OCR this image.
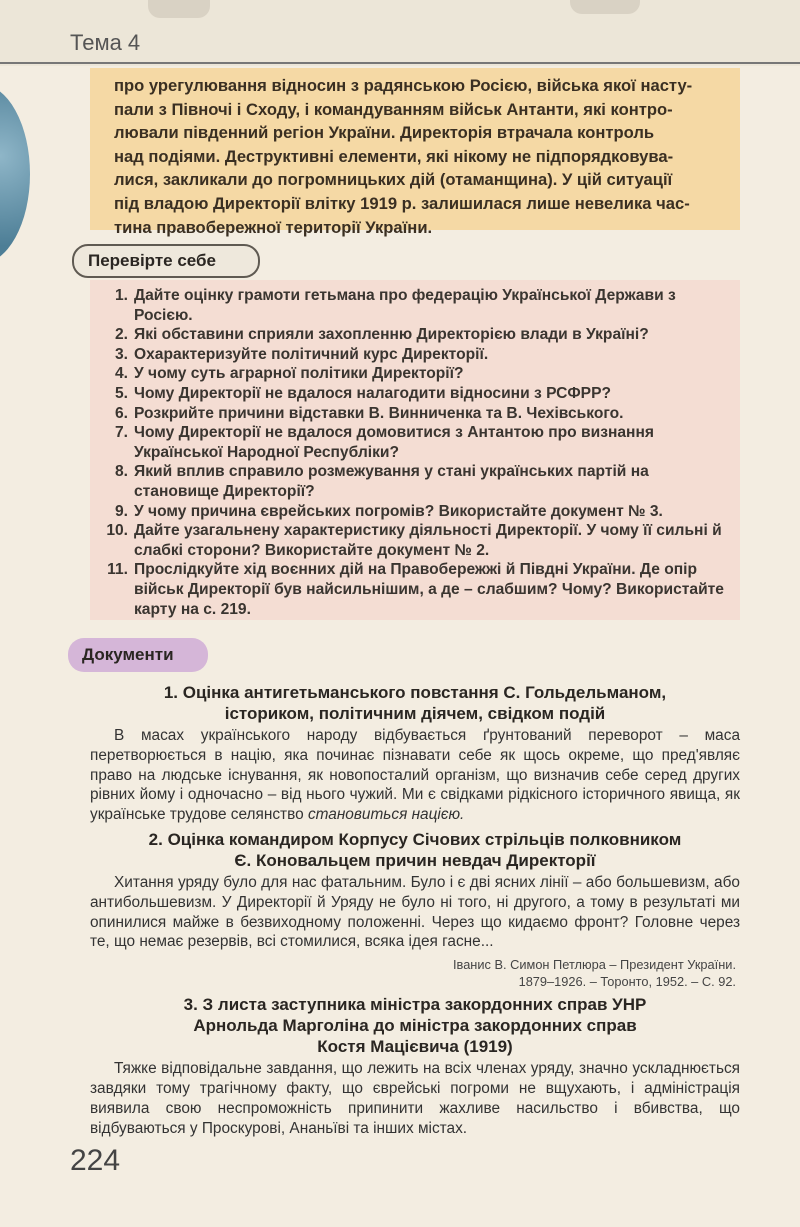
Тема 4

про урегулювання відносин з радянською Росією, війська якої насту-
пали з Півночі і Сходу, і командуванням військ Антанти, які контро-
лювали південний регіон України. Директорія втрачала контроль
над подіями. Деструктивні елементи, які нікому не підпорядковува-
лися, закликали до погромницьких дій (отаманщина). У цій ситуації
під владою Директорії влітку 1919 р. залишилася лише невелика час-
тина правобережної території України.

Перевірте себе
1. Дайте оцінку грамоти гетьмана про федерацію Української Держави з Росією.
2. Які обставини сприяли захопленню Директорією влади в Україні?
3. Охарактеризуйте політичний курс Директорії.
4. У чому суть аграрної політики Директорії?
5. Чому Директорії не вдалося налагодити відносини з РСФРР?
6. Розкрийте причини відставки В. Винниченка та В. Чехівського.
7. Чому Директорії не вдалося домовитися з Антантою про визнання Української Народної Республіки?
8. Який вплив справило розмежування у стані українських партій на становище Директорії?
9. У чому причина єврейських погромів? Використайте документ № 3.
10. Дайте узагальнену характеристику діяльності Директорії. У чому її сильні й слабкі сторони? Використайте документ № 2.
11. Прослідкуйте хід воєнних дій на Правобережжі й Півдні України. Де опір військ Директорії був найсильнішим, а де – слабшим? Чому? Використайте карту на с. 219.
Документи
1. Оцінка антигетьманського повстання С. Гольдельманом,
істориком, політичним діячем, свідком подій

В масах українського народу відбувається ґрунтований переворот – маса перетворюється в націю, яка починає пізнавати себе як щось окреме, що пред'являє право на людське існування, як новопосталий організм, що визначив себе серед других рівних йому і одночасно – від нього чужий. Ми є свідками рідкісного історичного явища, як українське трудове селянство становиться нацією.

2. Оцінка командиром Корпусу Січових стрільців полковником
Є. Коновальцем причин невдач Директорії

Хитання уряду було для нас фатальним. Було і є дві ясних лінії – або большевизм, або антибольшевизм. У Директорії й Уряду не було ні того, ні другого, а тому в результаті ми опинилися майже в безвиходному положенні. Через що кидаємо фронт? Головне через те, що немає резервів, всі стомилися, всяка ідея гасне...

Іванис В. Симон Петлюра – Президент України.
1879–1926. – Торонто, 1952. – С. 92.
3. З листа заступника міністра закордонних справ УНР
Арнольда Марголіна до міністра закордонних справ
Костя Мацієвича (1919)

Тяжке відповідальне завдання, що лежить на всіх членах уряду, значно ускладнюється завдяки тому трагічному факту, що єврейські погроми не вщухають, і адміністрація виявила свою неспроможність припинити жахливе насильство і вбивства, що відбуваються у Проскурові, Ананьїві та інших містах.

224
